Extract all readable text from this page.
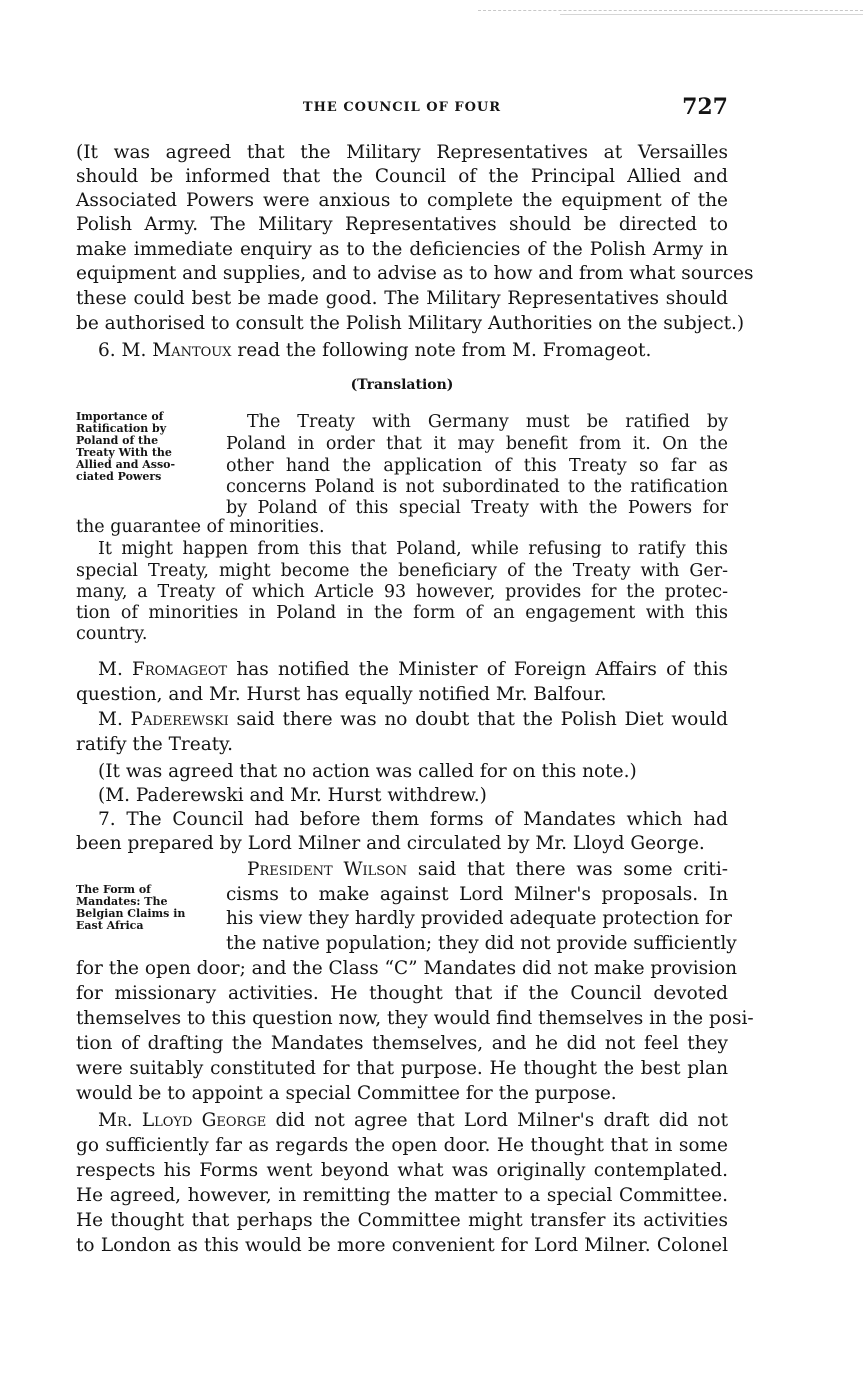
THE COUNCIL OF FOUR	727
(It was agreed that the Military Representatives at Versailles
should be informed that the Council of the Principal Allied and
Associated Powers were anxious to complete the equipment of the
Polish Army. The Military Representatives should be directed to
make immediate enquiry as to the deficiencies of the Polish Army in
equipment and supplies, and to advise as to how and from what sources
these could best be made good. The Military Representatives should
be authorised to consult the Polish Military Authorities on the subject.)
6. M. Mantoux read the following note from M. Fromageot.
(Translation)
Importance of
Ratification by
Poland of the
Treaty With the
Allied and Asso-
ciated Powers
The Treaty with Germany must be ratified by
Poland in order that it may benefit from it. On the
other hand the application of this Treaty so far as
concerns Poland is not subordinated to the ratification
by Poland of this special Treaty with the Powers for
the guarantee of minorities.
It might happen from this that Poland, while refusing to ratify this
special Treaty, might become the beneficiary of the Treaty with Ger-
many, a Treaty of which Article 93 however, provides for the protec-
tion of minorities in Poland in the form of an engagement with this
country.
M. Fromageot has notified the Minister of Foreign Affairs of this
question, and Mr. Hurst has equally notified Mr. Balfour.
M. Paderewski said there was no doubt that the Polish Diet would
ratify the Treaty.
(It was agreed that no action was called for on this note.)
(M. Paderewski and Mr. Hurst withdrew.)
7. The Council had before them forms of Mandates which had
been prepared by Lord Milner and circulated by Mr. Lloyd George.
The Form of
Mandates: The
Belgian Claims in
East Africa
President Wilson said that there was some criti-
cisms to make against Lord Milner's proposals. In
his view they hardly provided adequate protection for
the native population; they did not provide sufficiently
for the open door; and the Class “C” Mandates did not make provision
for missionary activities. He thought that if the Council devoted
themselves to this question now, they would find themselves in the posi-
tion of drafting the Mandates themselves, and he did not feel they
were suitably constituted for that purpose. He thought the best plan
would be to appoint a special Committee for the purpose.
Mr. Lloyd George did not agree that Lord Milner's draft did not
go sufficiently far as regards the open door. He thought that in some
respects his Forms went beyond what was originally contemplated.
He agreed, however, in remitting the matter to a special Committee.
He thought that perhaps the Committee might transfer its activities
to London as this would be more convenient for Lord Milner. Colonel
